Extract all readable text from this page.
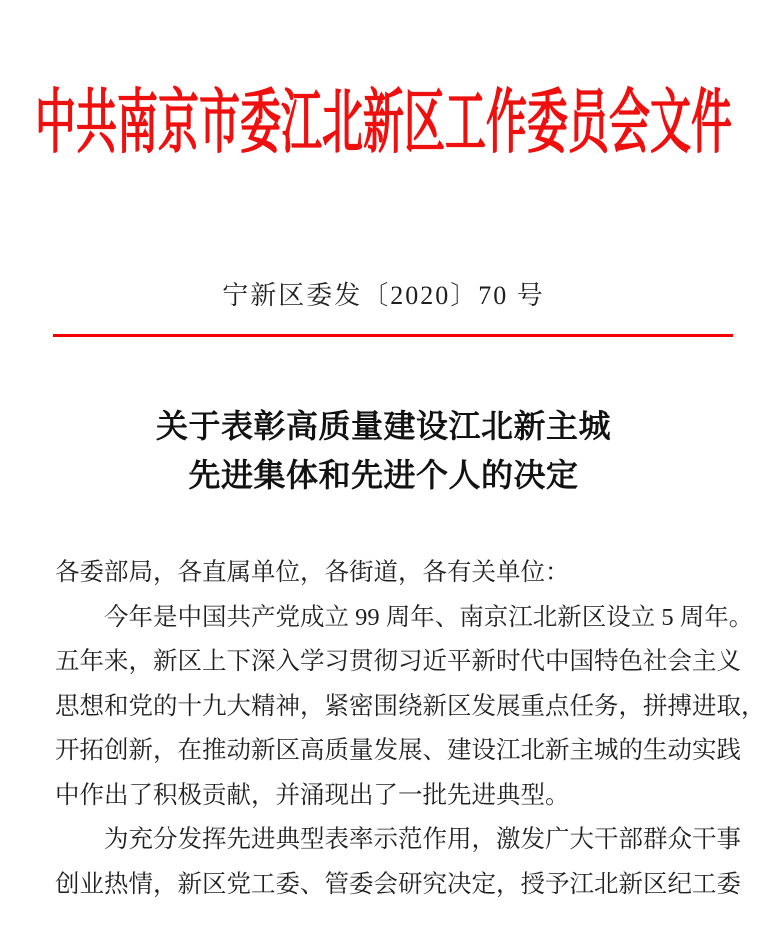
中共南京市委江北新区工作委员会文件
宁新区委发〔2020〕70 号
关于表彰高质量建设江北新主城
先进集体和先进个人的决定
各委部局，各直属单位，各街道，各有关单位：
今年是中国共产党成立 99 周年、南京江北新区设立 5 周年。
五年来，新区上下深入学习贯彻习近平新时代中国特色社会主义
思想和党的十九大精神，紧密围绕新区发展重点任务，拼搏进取，
开拓创新，在推动新区高质量发展、建设江北新主城的生动实践
中作出了积极贡献，并涌现出了一批先进典型。
为充分发挥先进典型表率示范作用，激发广大干部群众干事
创业热情，新区党工委、管委会研究决定，授予江北新区纪工委
